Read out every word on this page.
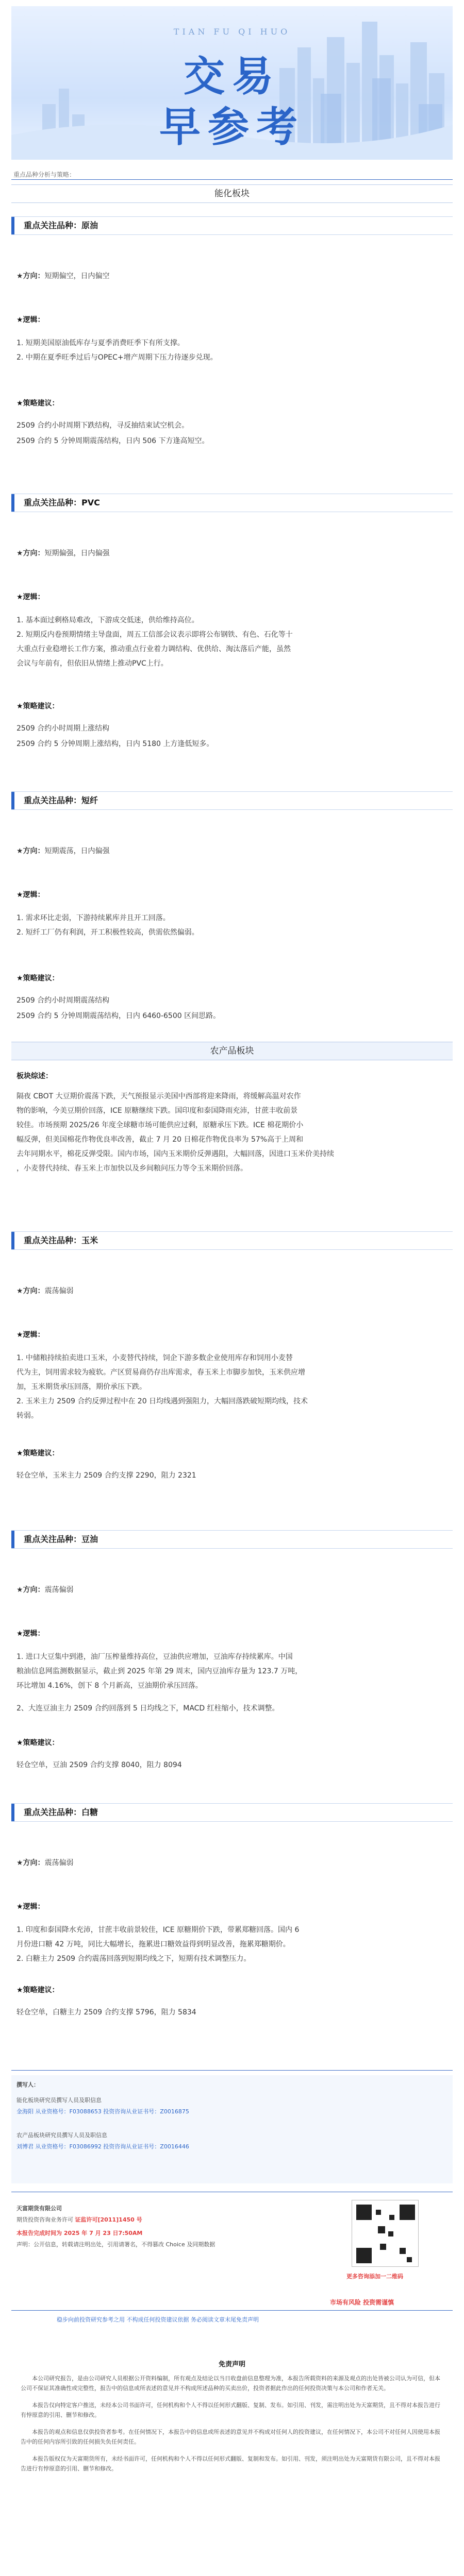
TIAN FU QI HUO
交易
早参考
重点品种分析与策略：
能化板块
重点关注品种：原油
★方向：短期偏空，日内偏空
★逻辑：
1. 短期美国原油低库存与夏季消费旺季下有所支撑。
2. 中期在夏季旺季过后与OPEC+增产周期下压力待逐步兑现。
★策略建议：
2509 合约小时周期下跌结构，寻反抽结束试空机会。
2509 合约 5 分钟周期震荡结构，日内 506 下方逢高短空。
重点关注品种：PVC
★方向：短期偏强，日内偏强
★逻辑：
1. 基本面过剩格局难改，下游成交低迷，供给维持高位。
2. 短期反内卷预期情绪主导盘面，周五工信部会议表示即将公布钢铁、有色、石化等十
大重点行业稳增长工作方案，推动重点行业着力调结构、优供给、淘汰落后产能，虽然
会议与年前有，但依旧从情绪上推动PVC上行。
★策略建议：
2509 合约小时周期上涨结构
2509 合约 5 分钟周期上涨结构，日内 5180 上方逢低短多。
重点关注品种：短纤
★方向：短期震荡，日内偏强
★逻辑：
1. 需求环比走弱，下游持续累库并且开工回落。
2. 短纤工厂仍有利润，开工积极性较高，供需依然偏弱。
★策略建议：
2509 合约小时周期震荡结构
2509 合约 5 分钟周期震荡结构，日内 6460-6500 区间思路。
农产品板块
板块综述：
隔夜 CBOT 大豆期价震荡下跌，天气预报显示美国中西部将迎来降雨，将缓解高温对农作
物的影响，今美豆期价回落，ICE 原糖继续下跌。国印度和泰国降雨充沛，甘蔗丰收前景
较佳。市场预期 2025/26 年度全球糖市场可能供应过剩，原糖承压下跌。ICE 棉花期价小
幅反弹，但美国棉花作物优良率改善，截止 7 月 20 日棉花作物优良率为 57%高于上周和
去年同期水平，棉花反弹受限。国内市场，国内玉米期价反弹遇阻，大幅回落，因进口玉米价美持续
，小麦替代持续、春玉米上市加快以及乡间粮问压力等令玉米期价回落。
重点关注品种：玉米
★方向：震荡偏弱
★逻辑：
1. 中储粮持续拍卖进口玉米，小麦替代持续，饲企下游多数企业使用库存和饲用小麦替
代为主，饲用需求较为疲软。产区贸易商仍存出库需求，春玉米上市脚步加快，玉米供应增
加，玉米期货承压回落，期价承压下跌。
2. 玉米主力 2509 合约反弹过程中在 20 日均线遇到强阻力，大幅回落跌破短期均线，技术
转弱。
★策略建议：
轻仓空单，玉米主力 2509 合约支撑 2290，阻力 2321
重点关注品种：豆油
★方向：震荡偏弱
★逻辑：
1. 进口大豆集中到港，油厂压榨量维持高位，豆油供应增加，豆油库存持续累库。中国
粮油信息网监测数据显示，截止到 2025 年第 29 周末，国内豆油库存量为 123.7 万吨，
环比增加 4.16%，创下 8 个月新高，豆油期价承压回落。
2、大连豆油主力 2509 合约回落到 5 日均线之下，MACD 红柱缩小，技术调整。
★策略建议：
轻仓空单，豆油 2509 合约支撑 8040，阻力 8094
重点关注品种：白糖
★方向：震荡偏弱
★逻辑：
1. 印度和泰国降水充沛，甘蔗丰收前景较佳，ICE 原糖期价下跌，带累郑糖回落。国内 6
月份进口糖 42 万吨，同比大幅增长，拖累进口糖效益得到明显改善，拖累郑糖期价。
2. 白糖主力 2509 合约震荡回落到短期均线之下，短期有技术调整压力。
★策略建议：
轻仓空单，白糖主力 2509 合约支撑 5796，阻力 5834
撰写人：
能化板块研究员撰写人员及职信息
金海阳 从业资格号：F03088653 投资咨询从业证书号：Z0016875
农产品板块研究员撰写人员及职信息
刘博君 从业资格号：F03086992 投资咨询从业证书号：Z0016446
天富期货有限公司
期货投资咨询业务许可 证监许可[2011]1450 号
本报告完成时间为 2025 年 7 月 23 日7:50AM
声明：公开信息，转载请注明出处，引用请署名，不得篡改 Choice 及同期数据
更多咨询添加一二维码
市场有风险 投资需谨慎
稳步向前投资研究参考之用 不构成任何投资建议依据 务必阅读文章末尾免责声明
免责声明

本公司研究报告，是由公司研究人员根据公开资料编制，所有观点及结论以当日收盘前信息整理为准，本报告所载资料的来源及观点的出处皆被公司认为可信，但本公司不保证其准确性或完整性，报告中的信息或所表述的意见并不构成所述品种的买卖出价，投资者据此作出的任何投资决策与本公司和作者无关。

本报告仅向特定客户推送，未经本公司书面许可，任何机构和个人不得以任何形式翻版、复制、发布。如引用、刊发，需注明出处为天富期货，且不得对本报告进行有悖原意的引用、删节和修改。

本报告的观点和信息仅供投资者参考。在任何情况下，本报告中的信息或所表述的意见并不构成对任何人的投资建议，在任何情况下，本公司不对任何人因使用本报告中的任何内容所引致的任何损失负任何责任。

本报告版权仅为天富期货所有，未经书面许可，任何机构和个人不得以任何形式翻版、复制和发布。如引用、刊发，须注明出处为天富期货有限公司，且不得对本报告进行有悖原意的引用、删节和修改。
